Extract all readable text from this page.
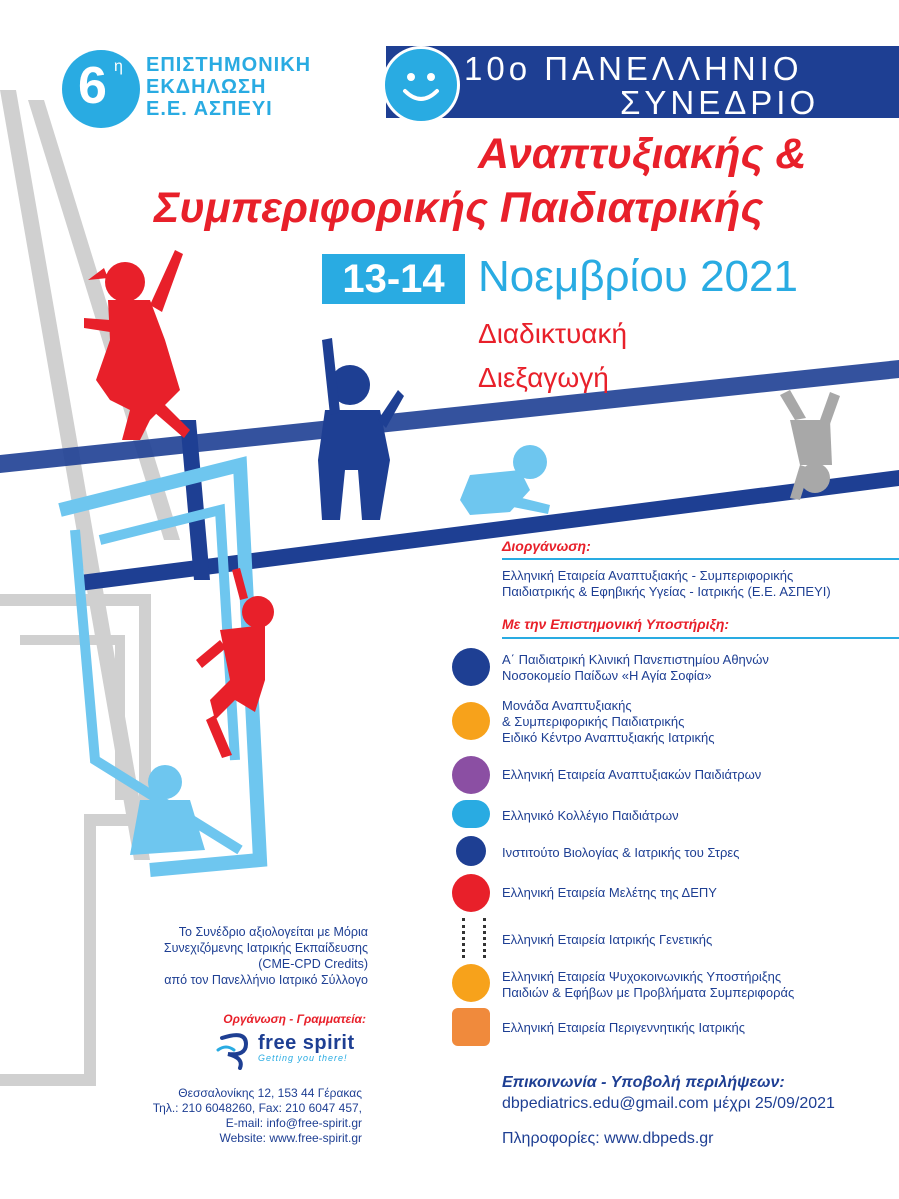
6 η ΕΠΙΣΤΗΜΟΝΙΚΗ
ΕΚΔΗΛΩΣΗ
Ε.Ε. ΑΣΠΕΥΙ
10ο ΠΑΝΕΛΛΗΝΙΟ
ΣΥΝΕΔΡΙΟ
Αναπτυξιακής &
Συμπεριφορικής Παιδιατρικής
13-14 Νοεμβρίου 2021
Διαδικτυακή
Διεξαγωγή
Διοργάνωση:
Ελληνική Εταιρεία Αναπτυξιακής - Συμπεριφορικής
Παιδιατρικής & Εφηβικής Υγείας - Ιατρικής (Ε.Ε. ΑΣΠΕΥΙ)
Με την Επιστημονική Υποστήριξη:
Α΄ Παιδιατρική Κλινική Πανεπιστημίου Αθηνών
Νοσοκομείο Παίδων «Η Αγία Σοφία»
Μονάδα Αναπτυξιακής
& Συμπεριφορικής Παιδιατρικής
Ειδικό Κέντρο Αναπτυξιακής Ιατρικής
Ελληνική Εταιρεία Αναπτυξιακών Παιδιάτρων
Ελληνικό Κολλέγιο Παιδιάτρων
Ινστιτούτο Βιολογίας & Ιατρικής του Στρες
Ελληνική Εταιρεία Μελέτης της ΔΕΠΥ
Ελληνική Εταιρεία Ιατρικής Γενετικής
Ελληνική Εταιρεία Ψυχοκοινωνικής Υποστήριξης
Παιδιών & Εφήβων με Προβλήματα Συμπεριφοράς
Ελληνική Εταιρεία Περιγεννητικής Ιατρικής
Το Συνέδριο αξιολογείται με Μόρια
Συνεχιζόμενης Ιατρικής Εκπαίδευσης
(CME-CPD Credits)
από τον Πανελλήνιο Ιατρικό Σύλλογο
Οργάνωση - Γραμματεία:
free spirit
Getting you there!
Θεσσαλονίκης 12, 153 44 Γέρακας
Τηλ.: 210 6048260, Fax: 210 6047 457,
E-mail: info@free-spirit.gr
Website: www.free-spirit.gr
Επικοινωνία - Υποβολή περιλήψεων:
dbpediatrics.edu@gmail.com μέχρι 25/09/2021
Πληροφορίες: www.dbpeds.gr
